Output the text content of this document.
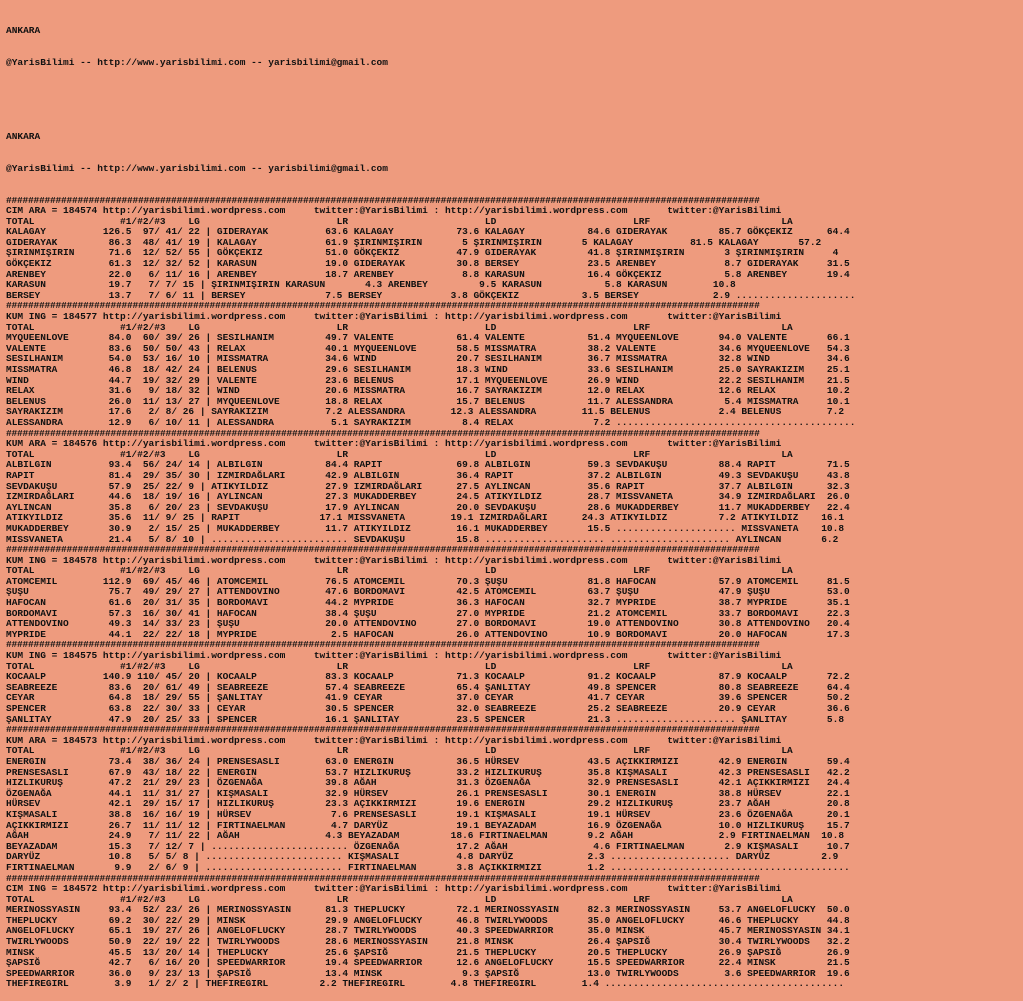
ANKARA

@YarisBilimi -- http://www.yarisbilimi.com -- yarisbilimi@gmail.com

ANKARA

@YarisBilimi -- http://www.yarisbilimi.com -- yarisbilimi@gmail.com

#########################################################################################################################################
CIM ARA = 184574 http://yarisbilimi.wordpress.com     twitter:@YarisBilimi : http://yarisbilimi.wordpress.com       twitter:@YarisBilimi
TOTAL               #1/#2/#3    LG                        LR                        LD                        LRF                       LA
KALAGAY          126.5  97/ 41/ 22 | GIDERAYAK          63.6 KALAGAY           73.6 KALAGAY           84.6 GIDERAYAK         85.7 GÖKÇEKIZ      64.4
GIDERAYAK         86.3  48/ 41/ 19 | KALAGAY            61.9 ŞIRINMIŞIRIN       5 ŞIRINMIŞIRIN       5 KALAGAY          81.5 KALAGAY       57.2
ŞIRINMIŞIRIN      71.6  12/ 52/ 55 | GÖKÇEKIZ           51.0 GÖKÇEKIZ          47.9 GIDERAYAK         41.8 ŞIRINMIŞIRIN       3 ŞIRINMIŞIRIN     4
GÖKÇEKIZ          61.3  12/ 32/ 52 | KARASUN            19.0 GIDERAYAK         30.8 BERSEY            23.5 ARENBEY            8.7 GIDERAYAK     31.5
ARENBEY           22.0   6/ 11/ 16 | ARENBEY            18.7 ARENBEY            8.8 KARASUN           16.4 GÖKÇEKIZ           5.8 ARENBEY       19.4
KARASUN           19.7   7/ 7/ 15 | ŞIRINMIŞIRIN KARASUN       4.3 ARENBEY         9.5 KARASUN           5.8 KARASUN        10.8
BERSEY            13.7   7/ 6/ 11 | BERSEY              7.5 BERSEY            3.8 GÖKÇEKIZ           3.5 BERSEY             2.9 .....................
#########################################################################################################################################
KUM ING = 184577 http://yarisbilimi.wordpress.com     twitter:@YarisBilimi : http://yarisbilimi.wordpress.com       twitter:@YarisBilimi
TOTAL               #1/#2/#3    LG                        LR                        LD                        LRF                       LA
MYQUEENLOVE       84.0  60/ 39/ 26 | SESILHANIM         49.7 VALENTE           61.4 VALENTE           51.4 MYQUEENLOVE       94.0 VALENTE       66.1
VALENTE           83.6  50/ 50/ 43 | RELAX              40.1 MYQUEENLOVE       58.5 MISSMATRA         38.2 VALENTE           34.6 MYQUEENLOVE   54.3
SESILHANIM        54.0  53/ 16/ 10 | MISSMATRA          34.6 WIND              20.7 SESILHANIM        36.7 MISSMATRA         32.8 WIND          34.6
MISSMATRA         46.8  18/ 42/ 24 | BELENUS            29.6 SESILHANIM        18.3 WIND              33.6 SESILHANIM        25.0 SAYRAKIZIM    25.1
WIND              44.7  19/ 32/ 29 | VALENTE            23.6 BELENUS           17.1 MYQUEENLOVE       26.9 WIND              22.2 SESILHANIM    21.5
RELAX             31.6   9/ 18/ 32 | WIND               20.6 MISSMATRA         16.7 SAYRAKIZIM        12.0 RELAX             12.6 RELAX         10.2
BELENUS           26.0  11/ 13/ 27 | MYQUEENLOVE        18.8 RELAX             15.7 BELENUS           11.7 ALESSANDRA         5.4 MISSMATRA     10.1
SAYRAKIZIM        17.6   2/ 8/ 26 | SAYRAKIZIM          7.2 ALESSANDRA        12.3 ALESSANDRA        11.5 BELENUS            2.4 BELENUS        7.2
ALESSANDRA        12.9   6/ 10/ 11 | ALESSANDRA          5.1 SAYRAKIZIM         8.4 RELAX              7.2 ..........................................
#########################################################################################################################################
KUM ARA = 184576 http://yarisbilimi.wordpress.com     twitter:@YarisBilimi : http://yarisbilimi.wordpress.com       twitter:@YarisBilimi
TOTAL               #1/#2/#3    LG                        LR                        LD                        LRF                       LA
ALBILGIN          93.4  56/ 24/ 14 | ALBILGIN           84.4 RAPIT             69.8 ALBILGIN          59.3 SEVDAKUŞU         88.4 RAPIT         71.5
RAPIT             81.4  29/ 35/ 30 | IZMIRDAĞLARI       42.9 ALBILGIN          36.4 RAPIT             37.2 ALBILGIN          49.3 SEVDAKUŞU     43.8
SEVDAKUŞU         57.9  25/ 22/ 9 | ATIKYILDIZ          27.9 IZMIRDAĞLARI      27.5 AYLINCAN          35.6 RAPIT             37.7 ALBILGIN      32.3
IZMIRDAĞLARI      44.6  18/ 19/ 16 | AYLINCAN           27.3 MUKADDERBEY       24.5 ATIKYILDIZ        28.7 MISSVANETA        34.9 IZMIRDAĞLARI  26.0
AYLINCAN          35.8   6/ 20/ 23 | SEVDAKUŞU          17.9 AYLINCAN          20.0 SEVDAKUŞU         28.6 MUKADDERBEY       11.7 MUKADDERBEY   22.4
ATIKYILDIZ        35.6  11/ 9/ 25 | RAPIT              17.1 MISSVANETA        19.1 IZMIRDAĞLARI      24.3 ATIKYILDIZ         7.2 ATIKYILDIZ    16.1
MUKADDERBEY       30.9   2/ 15/ 25 | MUKADDERBEY        11.7 ATIKYILDIZ        16.1 MUKADDERBEY       15.5 ..................... MISSVANETA    10.8
MISSVANETA        21.4   5/ 8/ 10 | ........................ SEVDAKUŞU         15.8 ..................... ..................... AYLINCAN       6.2
#########################################################################################################################################
KUM ING = 184578 http://yarisbilimi.wordpress.com     twitter:@YarisBilimi : http://yarisbilimi.wordpress.com       twitter:@YarisBilimi
TOTAL               #1/#2/#3    LG                        LR                        LD                        LRF                       LA
ATOMCEMIL        112.9  69/ 45/ 46 | ATOMCEMIL          76.5 ATOMCEMIL         70.3 ŞUŞU              81.8 HAFOCAN           57.9 ATOMCEMIL     81.5
ŞUŞU              75.7  49/ 29/ 27 | ATTENDOVINO        47.6 BORDOMAVI         42.5 ATOMCEMIL         63.7 ŞUŞU              47.9 ŞUŞU          53.0
HAFOCAN           61.6  20/ 31/ 35 | BORDOMAVI          44.2 MYPRIDE           36.3 HAFOCAN           32.7 MYPRIDE           38.7 MYPRIDE       35.1
BORDOMAVI         57.3  16/ 30/ 41 | HAFOCAN            38.4 ŞUŞU              27.0 MYPRIDE           21.2 ATOMCEMIL         33.7 BORDOMAVI     22.3
ATTENDOVINO       49.3  14/ 33/ 23 | ŞUŞU               20.0 ATTENDOVINO       27.0 BORDOMAVI         19.0 ATTENDOVINO       30.8 ATTENDOVINO   20.4
MYPRIDE           44.1  22/ 22/ 18 | MYPRIDE             2.5 HAFOCAN           26.0 ATTENDOVINO       10.9 BORDOMAVI         20.0 HAFOCAN       17.3
#########################################################################################################################################
KUM ING = 184575 http://yarisbilimi.wordpress.com     twitter:@YarisBilimi : http://yarisbilimi.wordpress.com       twitter:@YarisBilimi
TOTAL               #1/#2/#3    LG                        LR                        LD                        LRF                       LA
KOCAALP          140.9 110/ 45/ 20 | KOCAALP            83.3 KOCAALP           71.3 KOCAALP           91.2 KOCAALP           87.9 KOCAALP       72.2
SEABREEZE         83.6  20/ 61/ 49 | SEABREEZE          57.4 SEABREEZE         65.4 ŞANLITAY          49.8 SPENCER           80.8 SEABREEZE     64.4
CEYAR             64.8  18/ 29/ 55 | ŞANLITAY           41.9 CEYAR             37.0 CEYAR             41.7 CEYAR             39.6 SPENCER       50.2
SPENCER           63.8  22/ 30/ 33 | CEYAR              30.5 SPENCER           32.0 SEABREEZE         25.2 SEABREEZE         20.9 CEYAR         36.6
ŞANLITAY          47.9  20/ 25/ 33 | SPENCER            16.1 ŞANLITAY          23.5 SPENCER           21.3 ..................... ŞANLITAY       5.8
#########################################################################################################################################
KUM ARA = 184573 http://yarisbilimi.wordpress.com     twitter:@YarisBilimi : http://yarisbilimi.wordpress.com       twitter:@YarisBilimi
TOTAL               #1/#2/#3    LG                        LR                        LD                        LRF                       LA
ENERGIN           73.4  38/ 36/ 24 | PRENSESASLI        63.0 ENERGIN           36.5 HÜRSEV            43.5 AÇIKKIRMIZI       42.9 ENERGIN       59.4
PRENSESASLI       67.9  43/ 18/ 22 | ENERGIN            53.7 HIZLIKURUŞ        33.2 HIZLIKURUŞ        35.8 KIŞMASALI         42.3 PRENSESASLI   42.2
HIZLIKURUŞ        47.2  21/ 29/ 23 | ÖZGENAĞA           39.8 AĞAH              31.3 ÖZGENAĞA          32.9 PRENSESASLI       42.1 AÇIKKIRMIZI   24.4
ÖZGENAĞA          44.1  11/ 31/ 27 | KIŞMASALI          32.9 HÜRSEV            26.1 PRENSESASLI       30.1 ENERGIN           38.8 HÜRSEV        22.1
HÜRSEV            42.1  29/ 15/ 17 | HIZLIKURUŞ         23.3 AÇIKKIRMIZI       19.6 ENERGIN           29.2 HIZLIKURUŞ        23.7 AĞAH          20.8
KIŞMASALI         38.8  16/ 16/ 19 | HÜRSEV              7.6 PRENSESASLI       19.1 KIŞMASALI         19.1 HÜRSEV            23.6 ÖZGENAĞA      20.1
AÇIKKIRMIZI       26.7  11/ 11/ 12 | FIRTINAELMAN        4.7 DARYÜZ            19.1 BEYAZADAM         16.9 ÖZGENAĞA          10.0 HIZLIKURUŞ    15.7
AĞAH              24.9   7/ 11/ 22 | AĞAH               4.3 BEYAZADAM         18.6 FIRTINAELMAN       9.2 AĞAH               2.9 FIRTINAELMAN  10.8
BEYAZADAM         15.3   7/ 12/ 7 | ........................ ÖZGENAĞA          17.2 AĞAH               4.6 FIRTINAELMAN       2.9 KIŞMASALI     10.7
DARYÜZ            10.8   5/ 5/ 8 | ........................ KIŞMASALI          4.8 DARYÜZ             2.3 ..................... DARYÜZ         2.9
FIRTINAELMAN       9.9   2/ 6/ 9 | ........................ FIRTINAELMAN       3.8 AÇIKKIRMIZI        1.2 ..........................................
#########################################################################################################################################
CIM ING = 184572 http://yarisbilimi.wordpress.com     twitter:@YarisBilimi : http://yarisbilimi.wordpress.com       twitter:@YarisBilimi
TOTAL               #1/#2/#3    LG                        LR                        LD                        LRF                       LA
MERINOSSYASIN     93.4  52/ 23/ 26 | MERINOSSYASIN      81.3 THEPLUCKY         72.1 MERINOSSYASIN     82.3 MERINOSSYASIN     53.7 ANGELOFLUCKY  50.0
THEPLUCKY         69.2  30/ 22/ 29 | MINSK              29.9 ANGELOFLUCKY      46.8 TWIRLYWOODS       35.0 ANGELOFLUCKY      46.6 THEPLUCKY     44.8
ANGELOFLUCKY      65.1  19/ 27/ 26 | ANGELOFLUCKY       28.7 TWIRLYWOODS       40.3 SPEEDWARRIOR      35.0 MINSK             45.7 MERINOSSYASIN 34.1
TWIRLYWOODS       50.9  22/ 19/ 22 | TWIRLYWOODS        28.6 MERINOSSYASIN     21.8 MINSK             26.4 ŞAPSIĞ            30.4 TWIRLYWOODS   32.2
MINSK             45.5  13/ 20/ 14 | THEPLUCKY          25.6 ŞAPSIĞ            21.5 THEPLUCKY         20.5 THEPLUCKY         26.9 ŞAPSIĞ        26.9
ŞAPSIĞ            42.7   6/ 16/ 20 | SPEEDWARRIOR       19.4 SPEEDWARRIOR      12.6 ANGELOFLUCKY      15.5 SPEEDWARRIOR      22.4 MINSK         21.5
SPEEDWARRIOR      36.0   9/ 23/ 13 | ŞAPSIĞ             13.4 MINSK              9.3 ŞAPSIĞ            13.0 TWIRLYWOODS        3.6 SPEEDWARRIOR  19.6
THEFIREGIRL        3.9   1/ 2/ 2 | THEFIREGIRL         2.2 THEFIREGIRL        4.8 THEFIREGIRL        1.4 ..........................................
